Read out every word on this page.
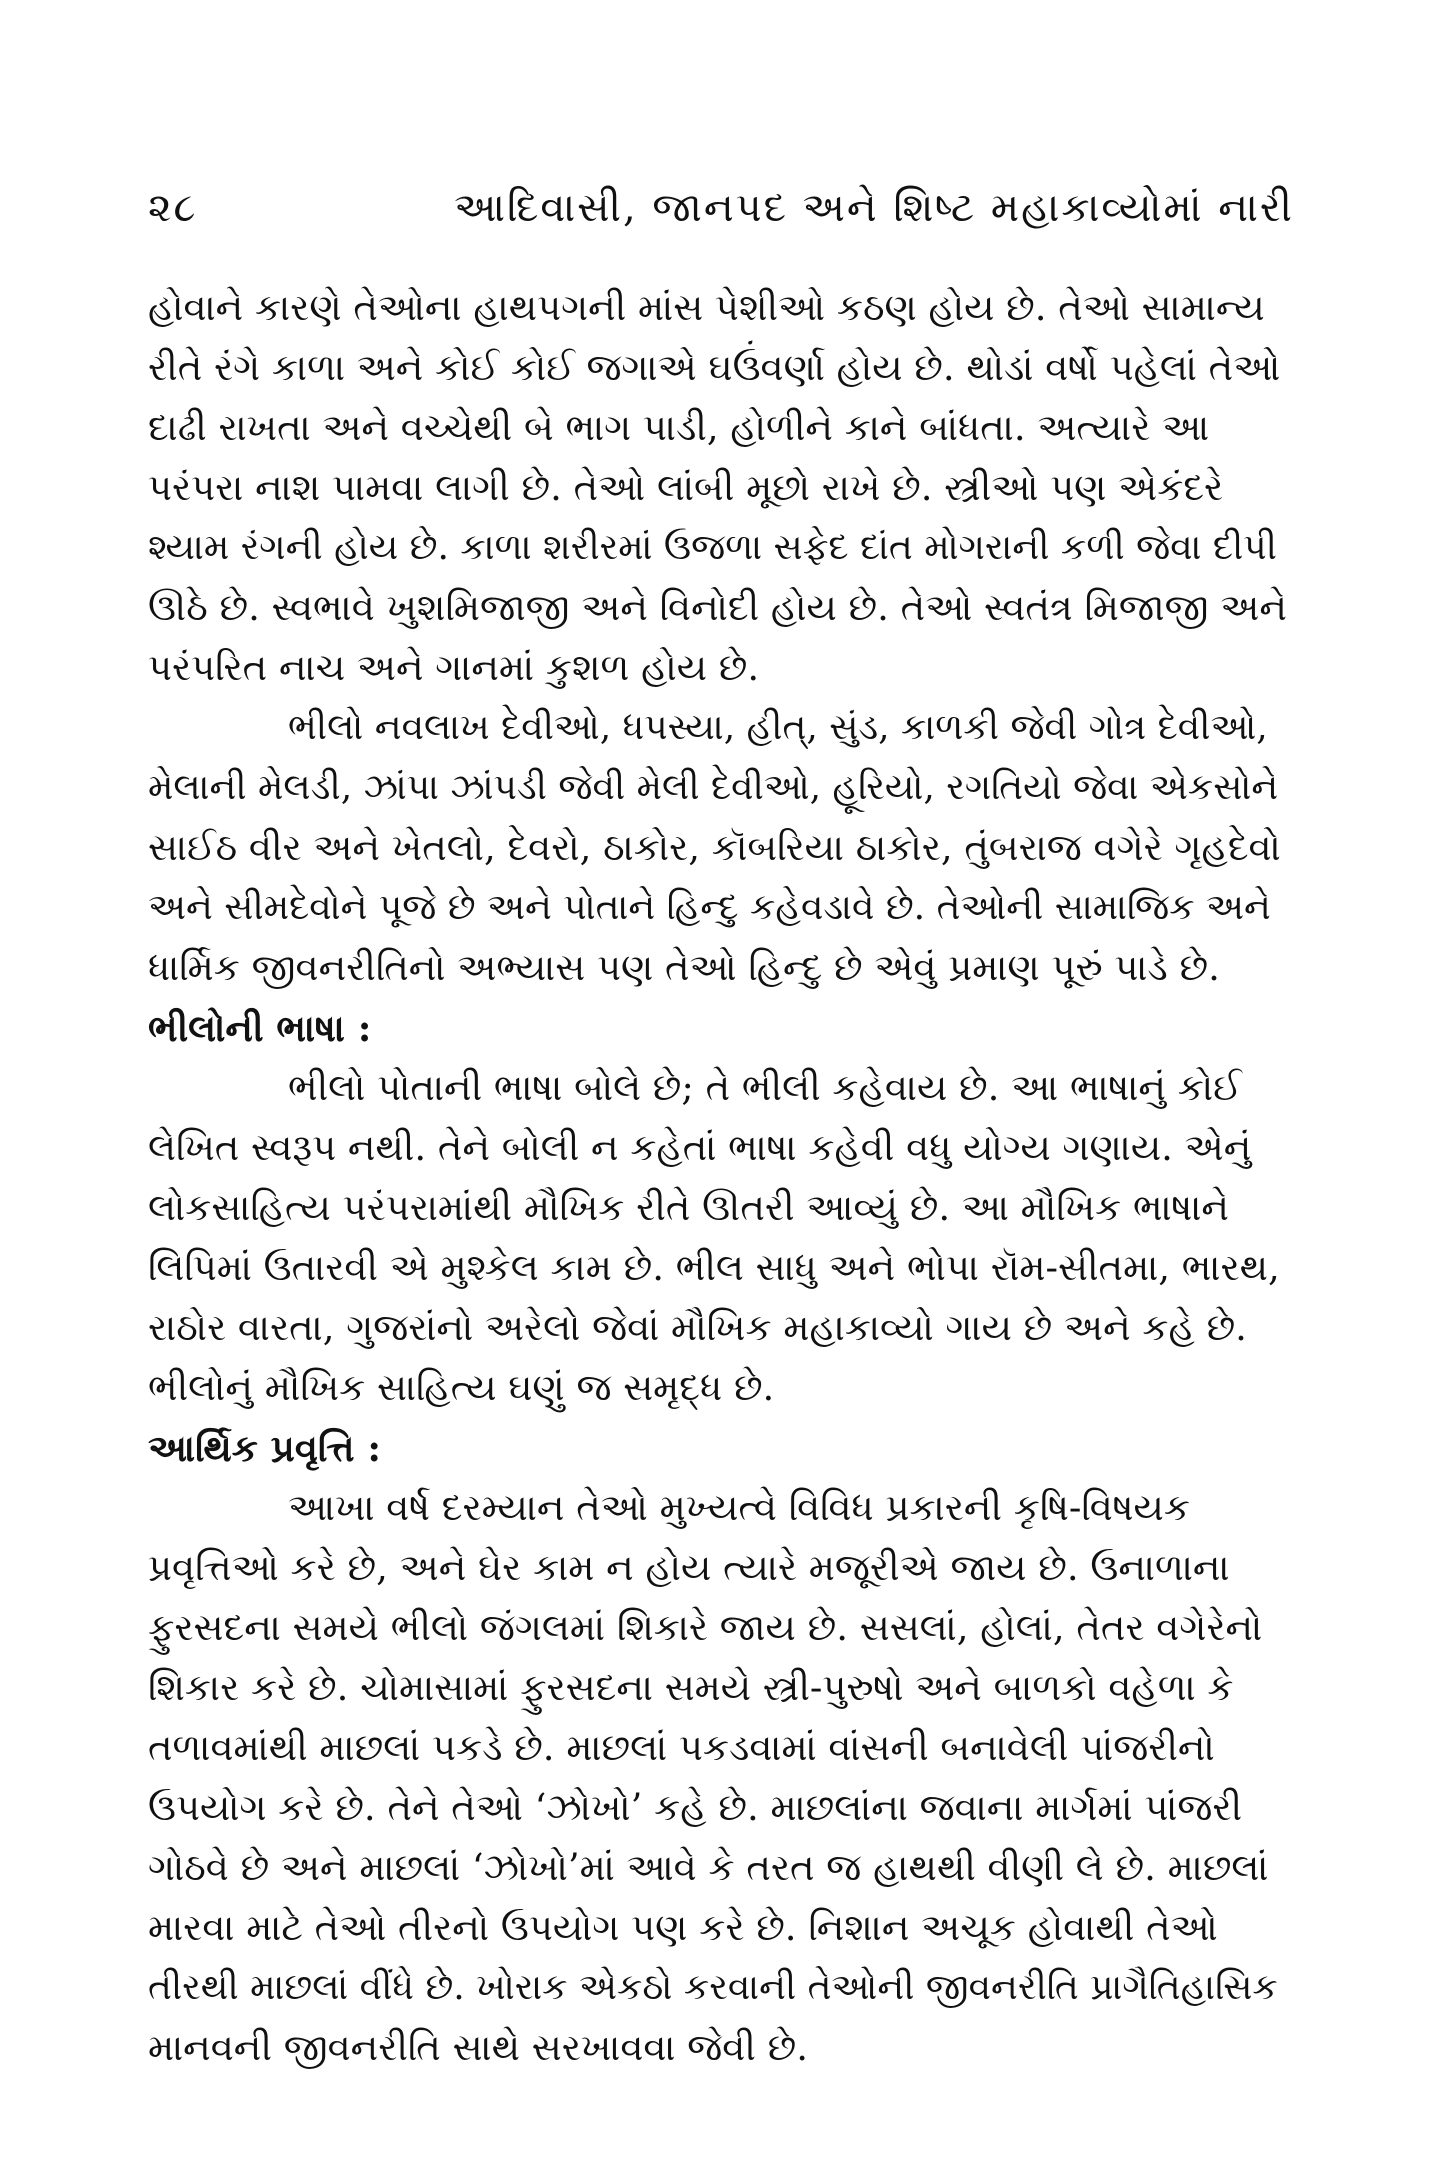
૨૮	આદિવાસી, જાનપદ અને શિષ્ટ મહાકાવ્યોમાં નારી
હોવાને કારણે તેઓના હાથપગની માંસ પેશીઓ કઠણ હોય છે. તેઓ સામાન્ય
રીતે રંગે કાળા અને કોઈ કોઈ જગાએ ઘઉંવર્ણા હોય છે. થોડાં વર્ષો પહેલાં તેઓ
દાઢી રાખતા અને વચ્ચેથી બે ભાગ પાડી, હોળીને કાને બાંધતા. અત્યારે આ
પરંપરા નાશ પામવા લાગી છે. તેઓ લાંબી મૂછો રાખે છે. સ્ત્રીઓ પણ એકંદરે
શ્યામ રંગની હોય છે. કાળા શરીરમાં ઉજળા સફેદ દાંત મોગરાની કળી જેવા દીપી
ઊઠે છે. સ્વભાવે ખુશમિજાજી અને વિનોદી હોય છે. તેઓ સ્વતંત્ર મિજાજી અને
પરંપરિત નાચ અને ગાનમાં કુશળ હોય છે.
ભીલો નવલાખ દેવીઓ, ધપસ્યા, હીત્, સુંડ, કાળકી જેવી ગોત્ર દેવીઓ,
મેલાની મેલડી, ઝાંપા ઝાંપડી જેવી મેલી દેવીઓ, હૂરિયો, રગતિયો જેવા એકસોને
સાઈઠ વીર અને ખેતલો, દેવરો, ઠાકોર, કૉબરિયા ઠાકોર, તુંબરાજ વગેરે ગૃહદેવો
અને સીમદેવોને પૂજે છે અને પોતાને હિન્દુ કહેવડાવે છે. તેઓની સામાજિક અને
ધાર્મિક જીવનરીતિનો અભ્યાસ પણ તેઓ હિન્દુ છે એવું પ્રમાણ પૂરું પાડે છે.
ભીલોની ભાષા :
ભીલો પોતાની ભાષા બોલે છે; તે ભીલી કહેવાય છે. આ ભાષાનું કોઈ
લેખિત સ્વરૂપ નથી. તેને બોલી ન કહેતાં ભાષા કહેવી વધુ યોગ્ય ગણાય. એનું
લોકસાહિત્ય પરંપરામાંથી મૌખિક રીતે ઊતરી આવ્યું છે. આ મૌખિક ભાષાને
લિપિમાં ઉતારવી એ મુશ્કેલ કામ છે. ભીલ સાધુ અને ભોપા રૉમ-સીતમા, ભારથ,
રાઠોર વારતા, ગુજરાંનો અરેલો જેવાં મૌખિક મહાકાવ્યો ગાય છે અને કહે છે.
ભીલોનું મૌખિક સાહિત્ય ઘણું જ સમૃદ્ધ છે.
આર્થિક પ્રવૃત્તિ :
આખા વર્ષ દરમ્યાન તેઓ મુખ્યત્વે વિવિધ પ્રકારની કૃષિ-વિષયક
પ્રવૃત્તિઓ કરે છે, અને ઘેર કામ ન હોય ત્યારે મજૂરીએ જાય છે. ઉનાળાના
ફુરસદના સમયે ભીલો જંગલમાં શિકારે જાય છે. સસલાં, હોલાં, તેતર વગેરેનો
શિકાર કરે છે. ચોમાસામાં ફુરસદના સમયે સ્ત્રી-પુરુષો અને બાળકો વહેળા કે
તળાવમાંથી માછલાં પકડે છે. માછલાં પકડવામાં વાંસની બનાવેલી પાંજરીનો
ઉપયોગ કરે છે. તેને તેઓ ‘ઝોખો’ કહે છે. માછલાંના જવાના માર્ગમાં પાંજરી
ગોઠવે છે અને માછલાં ‘ઝોખો’માં આવે કે તરત જ હાથથી વીણી લે છે. માછલાં
મારવા માટે તેઓ તીરનો ઉપયોગ પણ કરે છે. નિશાન અચૂક હોવાથી તેઓ
તીરથી માછલાં વીંધે છે. ખોરાક એકઠો કરવાની તેઓની જીવનરીતિ પ્રાગૈતિહાસિક
માનવની જીવનરીતિ સાથે સરખાવવા જેવી છે.
